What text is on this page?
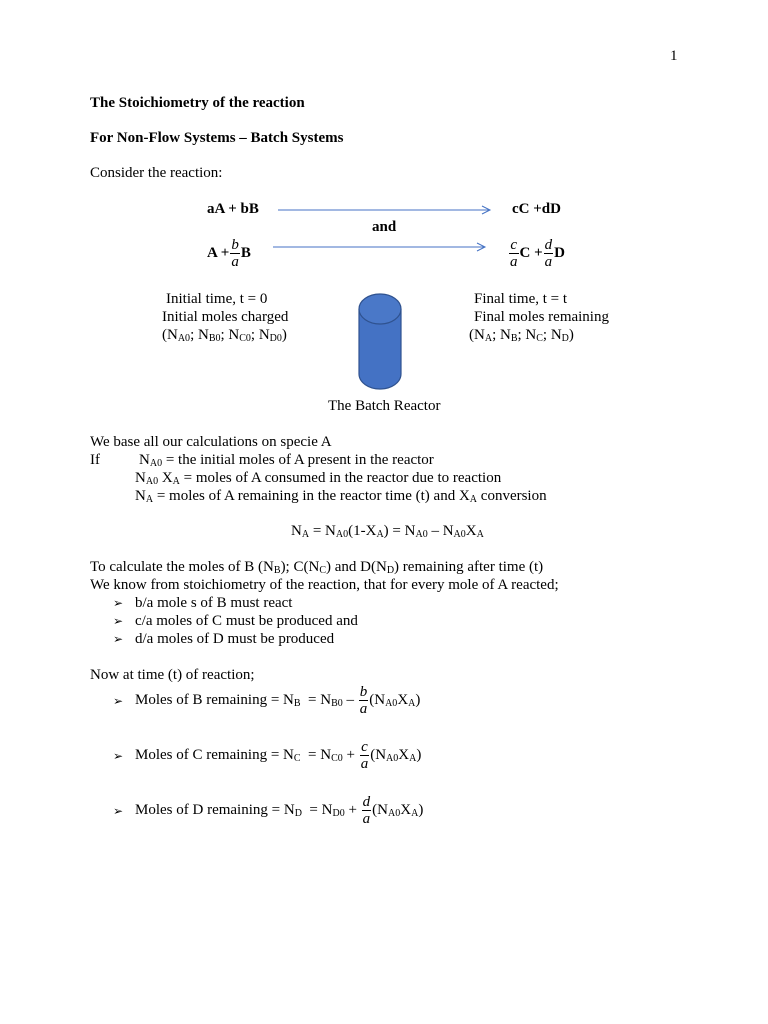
1
The Stoichiometry of the reaction
For Non-Flow Systems – Batch Systems
Consider the reaction:
aA + bB	cC +dD
and
$A + \frac{b}{a}$ B	$\frac{c}{a}$ $C + \frac{d}{a}$ D
Initial time, t = 0
Initial moles charged
($N_{A0}$; $N_{B0}$; $N_{C0}$; $N_{D0}$)
Final time, t = t
Final moles remaining
($N_A$; $N_B$; $N_C$; $N_D$)
The Batch Reactor
We base all our calculations on specie A
If	$N_{A0}$ = the initial moles of A present in the reactor
$N_{A0}$ $X_A$ = moles of A consumed in the reactor due to reaction
$N_A$ = moles of A remaining in the reactor time (t) and $X_A$ conversion
$N_A = N_{A0}(1-X_A) = N_{A0} - N_{A0}X_A$
To calculate the moles of B $(N_B)$; $C(N_C)$ and $D(N_D)$ remaining after time (t)
We know from stoichiometry of the reaction, that for every mole of A reacted;
➢ b/a mole s of B must react
➢ c/a moles of C must be produced and
➢ d/a moles of D must be produced
Now at time (t) of reaction;
➢ Moles of B remaining = $N_B = N_{B0} - \frac{b}{a} (N_{A0}X_A)$
➢ Moles of C remaining = $N_C = N_{C0} + \frac{c}{a} (N_{A0}X_A)$
➢ Moles of D remaining = $N_D = N_{D0} + \frac{d}{a} (N_{A0}X_A)$
